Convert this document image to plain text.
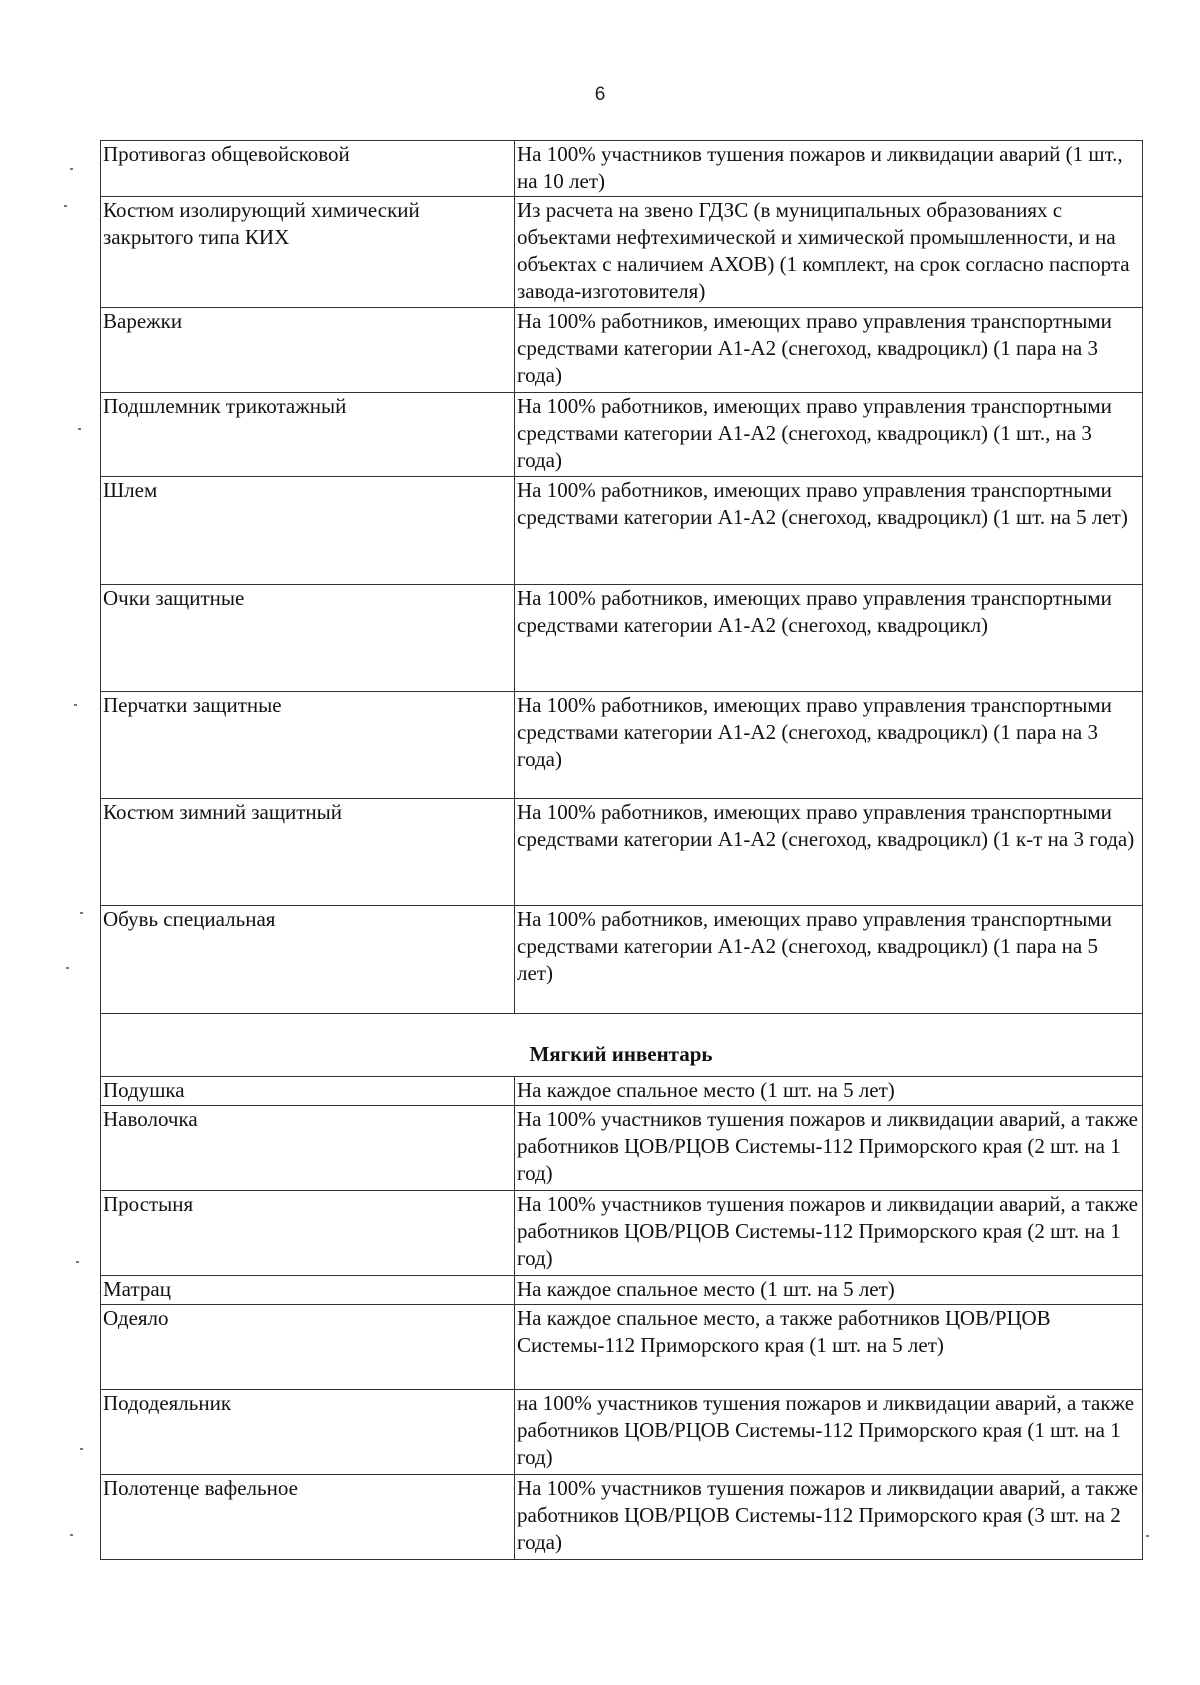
6
Противогаз общевойсковой	На 100% участников тушения пожаров и ликвидации аварий (1 шт., на 10 лет)
Костюм изолирующий химический закрытого типа КИХ	Из расчета на звено ГДЗС (в муниципальных образованиях с объектами нефтехимической и химической промышленности, и на объектах с наличием АХОВ) (1 комплект, на срок согласно паспорта завода-изготовителя)
Варежки	На 100% работников, имеющих право управления транспортными средствами категории А1-А2 (снегоход, квадроцикл) (1 пара на 3 года)
Подшлемник трикотажный	На 100% работников, имеющих право управления транспортными средствами категории А1-А2 (снегоход, квадроцикл) (1 шт., на 3 года)
Шлем	На 100% работников, имеющих право управления транспортными средствами категории А1-А2 (снегоход, квадроцикл) (1 шт. на 5 лет)
Очки защитные	На 100% работников, имеющих право управления транспортными средствами категории А1-А2 (снегоход, квадроцикл)
Перчатки защитные	На 100% работников, имеющих право управления транспортными средствами категории А1-А2 (снегоход, квадроцикл) (1 пара на 3 года)
Костюм зимний защитный	На 100% работников, имеющих право управления транспортными средствами категории А1-А2 (снегоход, квадроцикл) (1 к-т на 3 года)
Обувь специальная	На 100% работников, имеющих право управления транспортными средствами категории А1-А2 (снегоход, квадроцикл) (1 пара на 5 лет)
Мягкий инвентарь	
Подушка	На каждое спальное место (1 шт. на 5 лет)
Наволочка	На 100% участников тушения пожаров и ликвидации аварий, а также работников ЦОВ/РЦОВ Системы-112 Приморского края (2 шт. на 1 год)
Простыня	На 100% участников тушения пожаров и ликвидации аварий, а также работников ЦОВ/РЦОВ Системы-112 Приморского края (2 шт. на 1 год)
Матрац	На каждое спальное место (1 шт. на 5 лет)
Одеяло	На каждое спальное место, а также работников ЦОВ/РЦОВ Системы-112 Приморского края (1 шт. на 5 лет)
Пододеяльник	на 100% участников тушения пожаров и ликвидации аварий, а также работников ЦОВ/РЦОВ Системы-112 Приморского края (1 шт. на 1 год)
Полотенце вафельное	На 100% участников тушения пожаров и ликвидации аварий, а также работников ЦОВ/РЦОВ Системы-112 Приморского края (3 шт. на 2 года)
